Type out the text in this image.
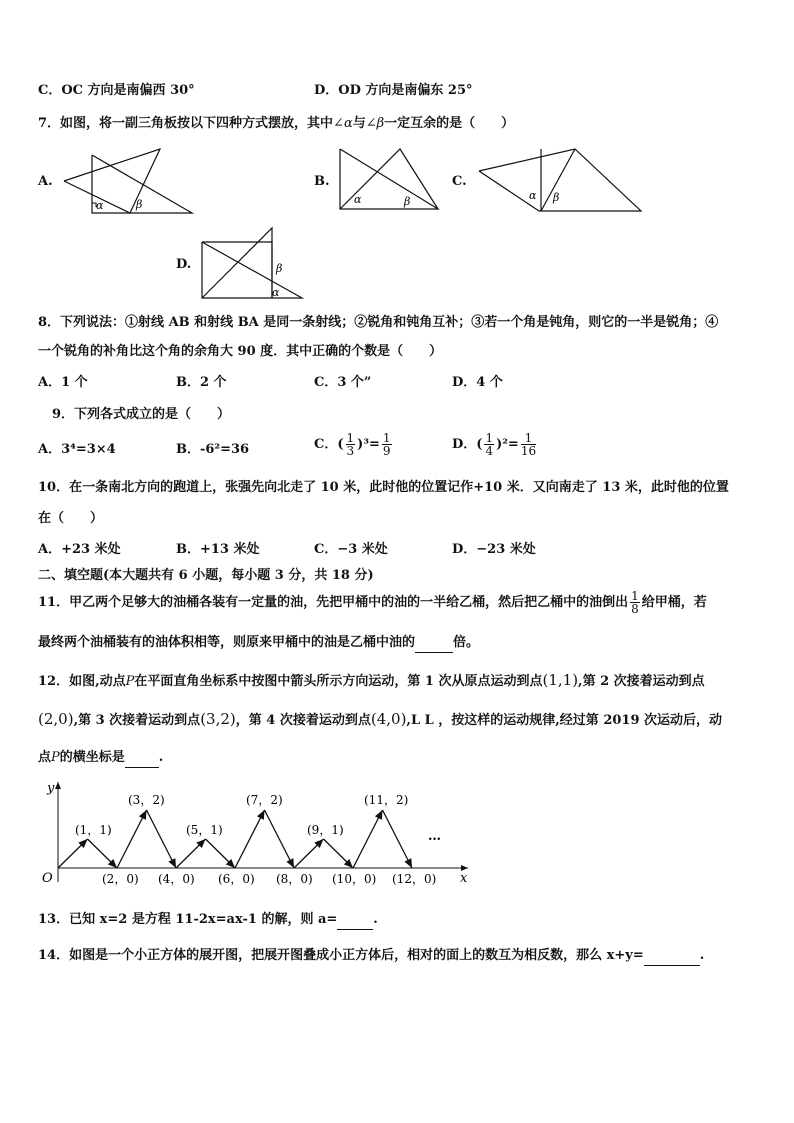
C．OC 方向是南偏西 30°	D．OD 方向是南偏东 25°
7．如图，将一副三角板按以下四种方式摆放，其中∠α与∠β一定互余的是（　　）
A.
α	β
B.
α	β
C.
α β
D.	β
α
8．下列说法：①射线 AB 和射线 BA 是同一条射线；②锐角和钝角互补；③若一个角是钝角，则它的一半是锐角；④
一个锐角的补角比这个角的余角大 90 度．其中正确的个数是（　　）
A．1 个	B．2 个	C．3 个”	D．4 个
9．下列各式成立的是（　　）
A．3⁴=3×4	B．-6²=36	C．( $\frac{1}{3} )^3= \frac{1}{9}$	D．( $\frac{1}{4} )^2= \frac{1}{16}$
10．在一条南北方向的跑道上，张强先向北走了 10 米，此时他的位置记作+10 米．又向南走了 13 米，此时他的位置
在（　　）
A．+23 米处	B．+13 米处	C．−3 米处	D．−23 米处
二、填空题(本大题共有 6 小题，每小题 3 分，共 18 分)
11．甲乙两个足够大的油桶各装有一定量的油，先把甲桶中的油的一半给乙桶，然后把乙桶中的油倒出 $\frac{1}{8}$ 给甲桶，若
最终两个油桶装有的油体积相等，则原来甲桶中的油是乙桶中油的	倍。
12．如图,动点P在平面直角坐标系中按图中箭头所示方向运动，第 1 次从原点运动到点(1,1),第 2 次接着运动到点
(2,0),第 3 次接着运动到点(3,2)，第 4 次接着运动到点(4,0),L L ，按这样的运动规律,经过第 2019 次运动后，动
点P的横坐标是	.
y
x
O
(1，1)
(3，2)
(5，1)
(7，2)
(9，1)
(11，2)
…
(2，0) (4，0) (6，0) (8，0) (10，0) (12，0)
13．已知 x=2 是方程 11-2x=ax-1 的解，则 a=	.
14．如图是一个小正方体的展开图，把展开图叠成小正方体后，相对的面上的数互为相反数，那么 x+y=	.
